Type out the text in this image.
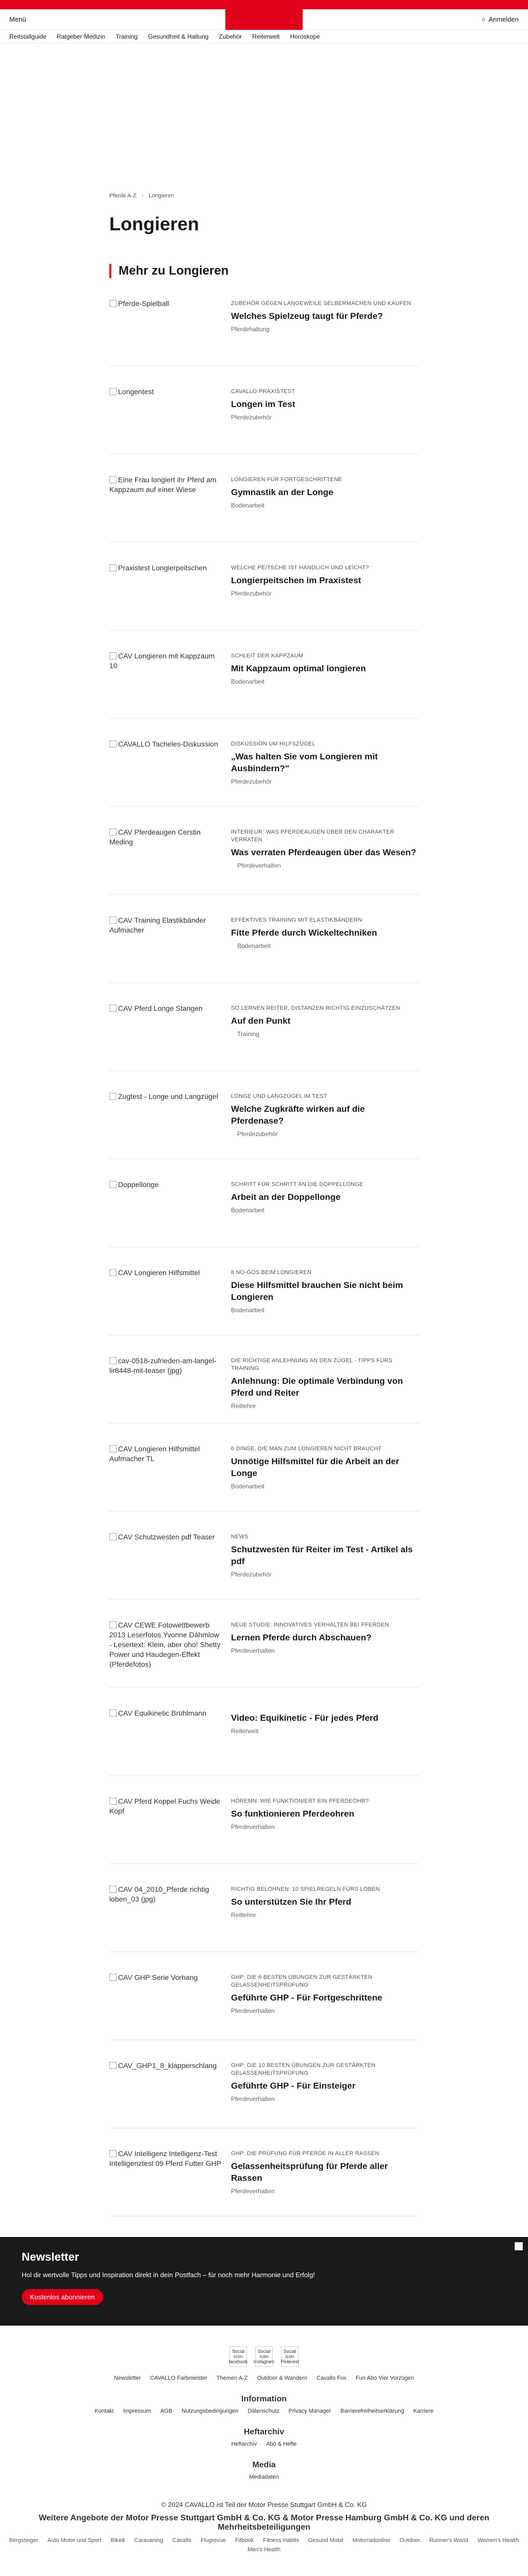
Menü	○ Anmelden
Reitstallguide Ratgeber Medizin Training Gesundheit & Haltung Zubehör Reiterwelt Horoskope
Pferde A-Z › Longieren
Longieren
Mehr zu Longieren
Pferde-Spielball	ZUBEHÖR GEGEN LANGEWEILE SELBERMACHEN UND KAUFEN
Welches Spielzeug taugt für Pferde?
Pferdehaltung
Longentest	CAVALLO PRAXISTEST
Longen im Test
Pferdezubehör
Eine Frau longiert ihr Pferd am Kappzaum auf einer Wiese
LONGIEREN FÜR FORTGESCHRITTENE
Gymnastik an der Longe
Bodenarbeit
Praxistest Longierpeitschen	WELCHE PEITSCHE IST HANDLICH UND LEICHT?
Longierpeitschen im Praxistest
Pferdezubehör
CAV Longieren mit Kappzaum 10
SCHLEIT DER KAPPZAUM
Mit Kappzaum optimal longieren
Bodenarbeit
CAVALLO Tacheles-Diskussion	DISKUSSION UM HILFSZÜGEL
„Was halten Sie vom Longieren mit Ausbindern?"
Pferdezubehör
CAV Pferdeaugen Cerstin Meding
INTERIEUR: WAS PFERDEAUGEN ÜBER DEN CHARAKTER VERRATEN
Was verraten Pferdeaugen über das Wesen?
Pferdeverhalten
CAV Training Elastikbänder Aufmacher
EFFEKTIVES TRAINING MIT ELASTIKBÄNDERN
Fitte Pferde durch Wickeltechniken
Bodenarbeit
CAV Pferd Longe Stangen	SO LERNEN REITER, DISTANZEN RICHTIG EINZUSCHÄTZEN
Auf den Punkt
Training
Zugtest - Longe und Langzügel	LONGE UND LANGZÜGEL IM TEST
Welche Zugkräfte wirken auf die Pferdenase?
Pferdezubehör
Doppellonge	SCHRITT FÜR SCHRITT AN DIE DOPPELLONGE
Arbeit an der Doppellonge
Bodenarbeit
CAV Longieren Hilfsmittel	8 NO-GOS BEIM LONGIEREN
Diese Hilfsmittel brauchen Sie nicht beim Longieren
Bodenarbeit
cav-0518-zufrieden-am-langel-lir8448-mit-teaser (jpg)
DIE RICHTIGE ANLEHNUNG AN DEN ZÜGEL - TIPPS FÜRS TRAINING
Anlehnung: Die optimale Verbindung von Pferd und Reiter
Reitlehre
CAV Longieren Hilfsmittel Aufmacher TL
6 DINGE, DIE MAN ZUM LONGIEREN NICHT BRAUCHT
Unnötige Hilfsmittel für die Arbeit an der Longe
Bodenarbeit
CAV Schutzwesten pdf Teaser	NEWS
Schutzwesten für Reiter im Test - Artikel als pdf
Pferdezubehör
CAV CEWE Fotowettbewerb 2013 Leserfotos Yvonne Dähmlow - Lesertext: Klein, aber oho! Shetty Power und Haudegen-Effekt (Pferdefotos)
NEUE STUDIE: INNOVATIVES VERHALTEN BEI PFERDEN
Lernen Pferde durch Abschauen?
Pferdeverhalten
CAV Equikinetic Brühlmann	Video: Equikinetic - Für jedes Pferd
Reiterwelt
CAV Pferd Koppel Fuchs Weide Kopf
HÖREMN: WIE FUNKTIONIERT EIN PFERDEOHR?
So funktionieren Pferdeohren
Pferdeverhalten
CAV 04_2010_Pferde richtig loben_03 (jpg)
RICHTIG BELOHNEN: 10 SPIELREGELN FÜRS LOBEN
So unterstützen Sie Ihr Pferd
Reitlehre
CAV GHP Serie Vorhang	GHP: DIE 6 BESTEN ÜBUNGEN ZUR GESTÄRKTEN GELASSENHEITSPRÜFUNG
Geführte GHP - Für Fortgeschrittene
Pferdeverhalten
CAV_GHP1_8_klapperschlang	GHP: DIE 10 BESTEN ÜBUNGEN ZUR GESTÄRKTEN GELASSENHEITSPRÜFUNG
Geführte GHP - Für Einsteiger
Pferdeverhalten
CAV Intelligenz Intelligenz-Test Intelligenztest 09 Pferd Futter GHP
GHP: DIE PRÜFUNG FÜR PFERDE IN ALLER RASSEN
Gelassenheitsprüfung für Pferde aller Rassen
Pferdeverhalten
Newsletter

Hol dir wertvolle Tipps und Inspiration direkt in dein Postfach – für noch mehr Harmonie und Erfolg!

Kostenlos abonnieren
Social Icon facebook
Social Icon Instagram
Social Icon Pinterest
Newsletter CAVALLO Farbmeister Themen A-Z Outdoor & Wandern Cavallo Fox Fun Abo Vier Vorzügen
Information
Kontakt Impressum AGB Nutzungsbedingungen Datenschutz Privacy Manager Barrierefreiheitserklärung Karriere
Heftarchiv
Heftarchiv Abo & Hefte
Media
Mediadaten
© 2024 CAVALLO ist Teil der Motor Presse Stuttgart GmbH & Co. KG
Weitere Angebote der Motor Presse Stuttgart GmbH & Co. KG & Motor Presse Hamburg GmbH & Co. KG und deren Mehrheitsbeteiligungen
Bergsteiger Auto Motor und Sport Bike8 Caravaning Cavallo Flugrevue Fitbook Fitness Habits Gesund Mobil Motorradonline Outdoor Runner's World Women's Health
Men's Health
